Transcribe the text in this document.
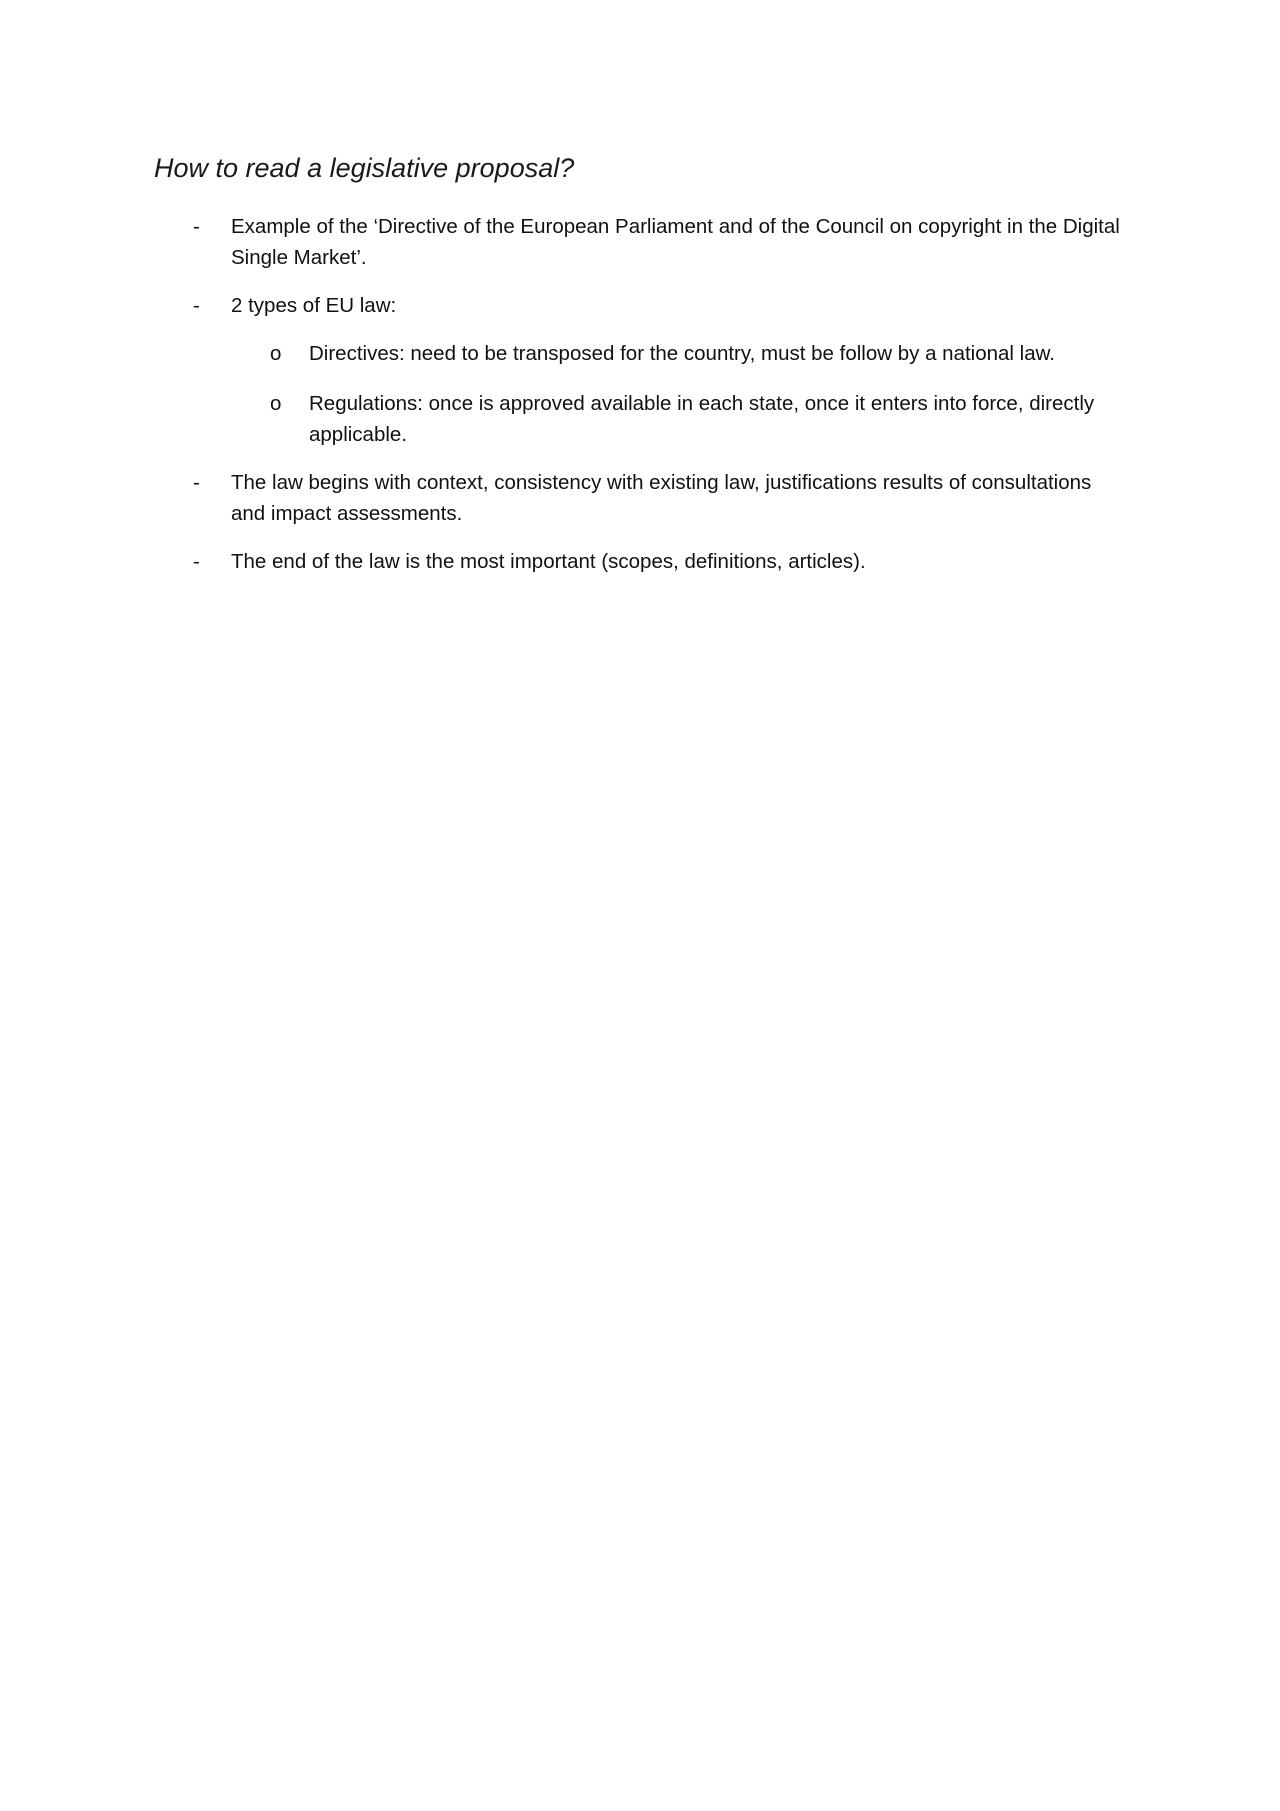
How to read a legislative proposal?
- Example of the ‘Directive of the European Parliament and of the Council on copyright in the Digital Single Market’.

- 2 types of EU law:

o Directives: need to be transposed for the country, must be follow by a national law.

o Regulations: once is approved available in each state, once it enters into force, directly applicable.

- The law begins with context, consistency with existing law, justifications results of consultations and impact assessments.

- The end of the law is the most important (scopes, definitions, articles).
